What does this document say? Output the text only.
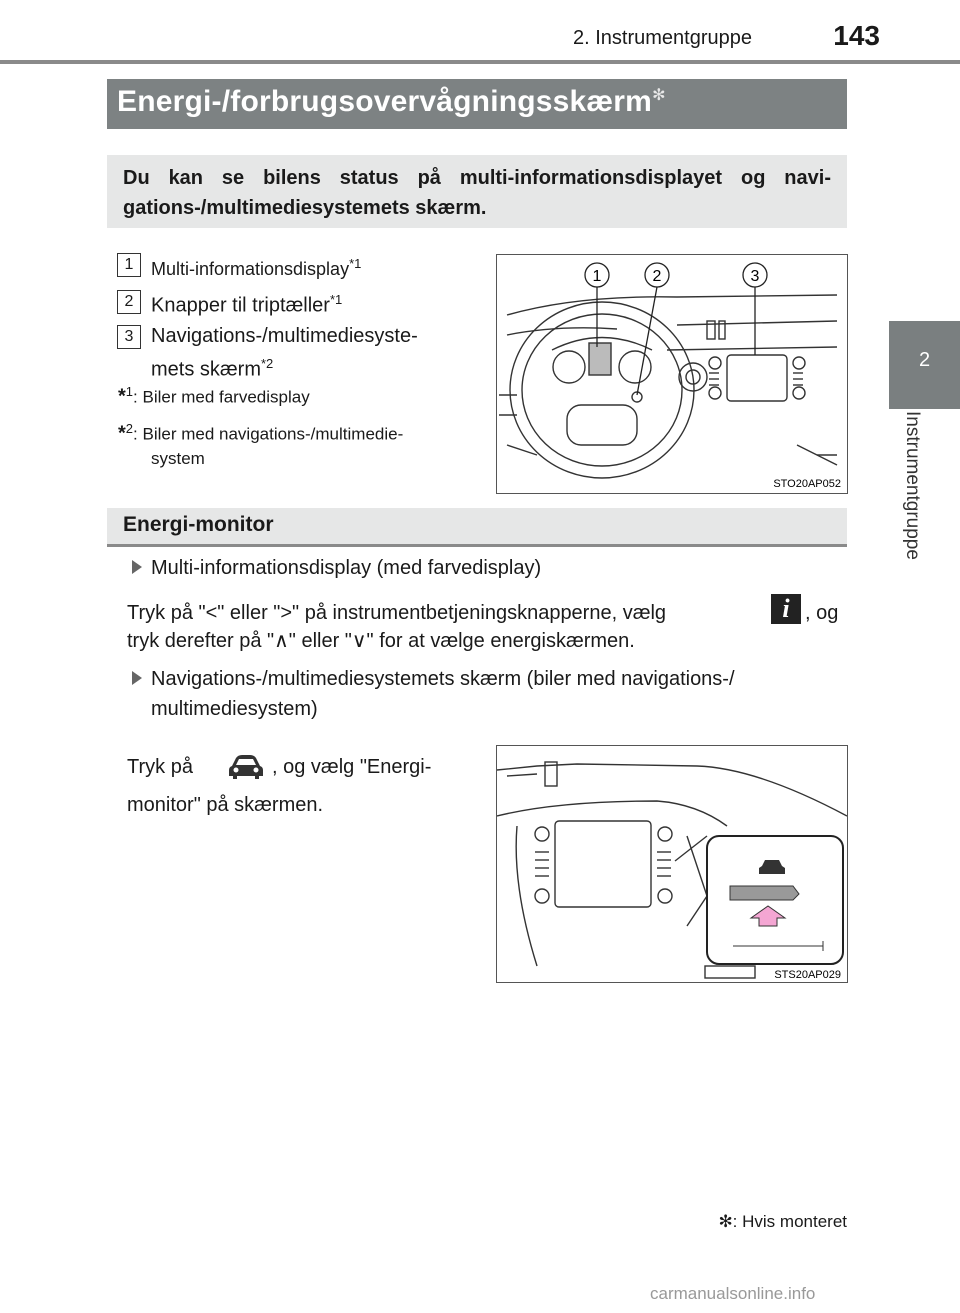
2. Instrumentgruppe	143
2
Instrumentgruppe
Energi-/forbrugsovervågningsskærm✻

Du kan se bilens status på multi-informationsdisplayet og navi-gations-/multimediesystemets skærm.

1 Multi-informationsdisplay$^{*1}$
2 Knapper til triptæller$^{*1}$
3 Navigations-/multimediesyste-
mets skærm$^{*2}$
*$^1$: Biler med farvedisplay
*$^2$: Biler med navigations-/multimedie-
system
1	2	3
STO20AP052
Energi-monitor
Multi-informationsdisplay (med farvedisplay)
Tryk på "<" eller ">" på instrumentbetjeningsknapperne, vælg	i , og
tryk derefter på "∧" eller "∨" for at vælge energiskærmen.
Navigations-/multimediesystemets skærm (biler med navigations-/
multimediesystem)
Tryk på	, og vælg "Energi-
monitor" på skærmen.
STS20AP029
✻: Hvis monteret
carmanualsonline.info
